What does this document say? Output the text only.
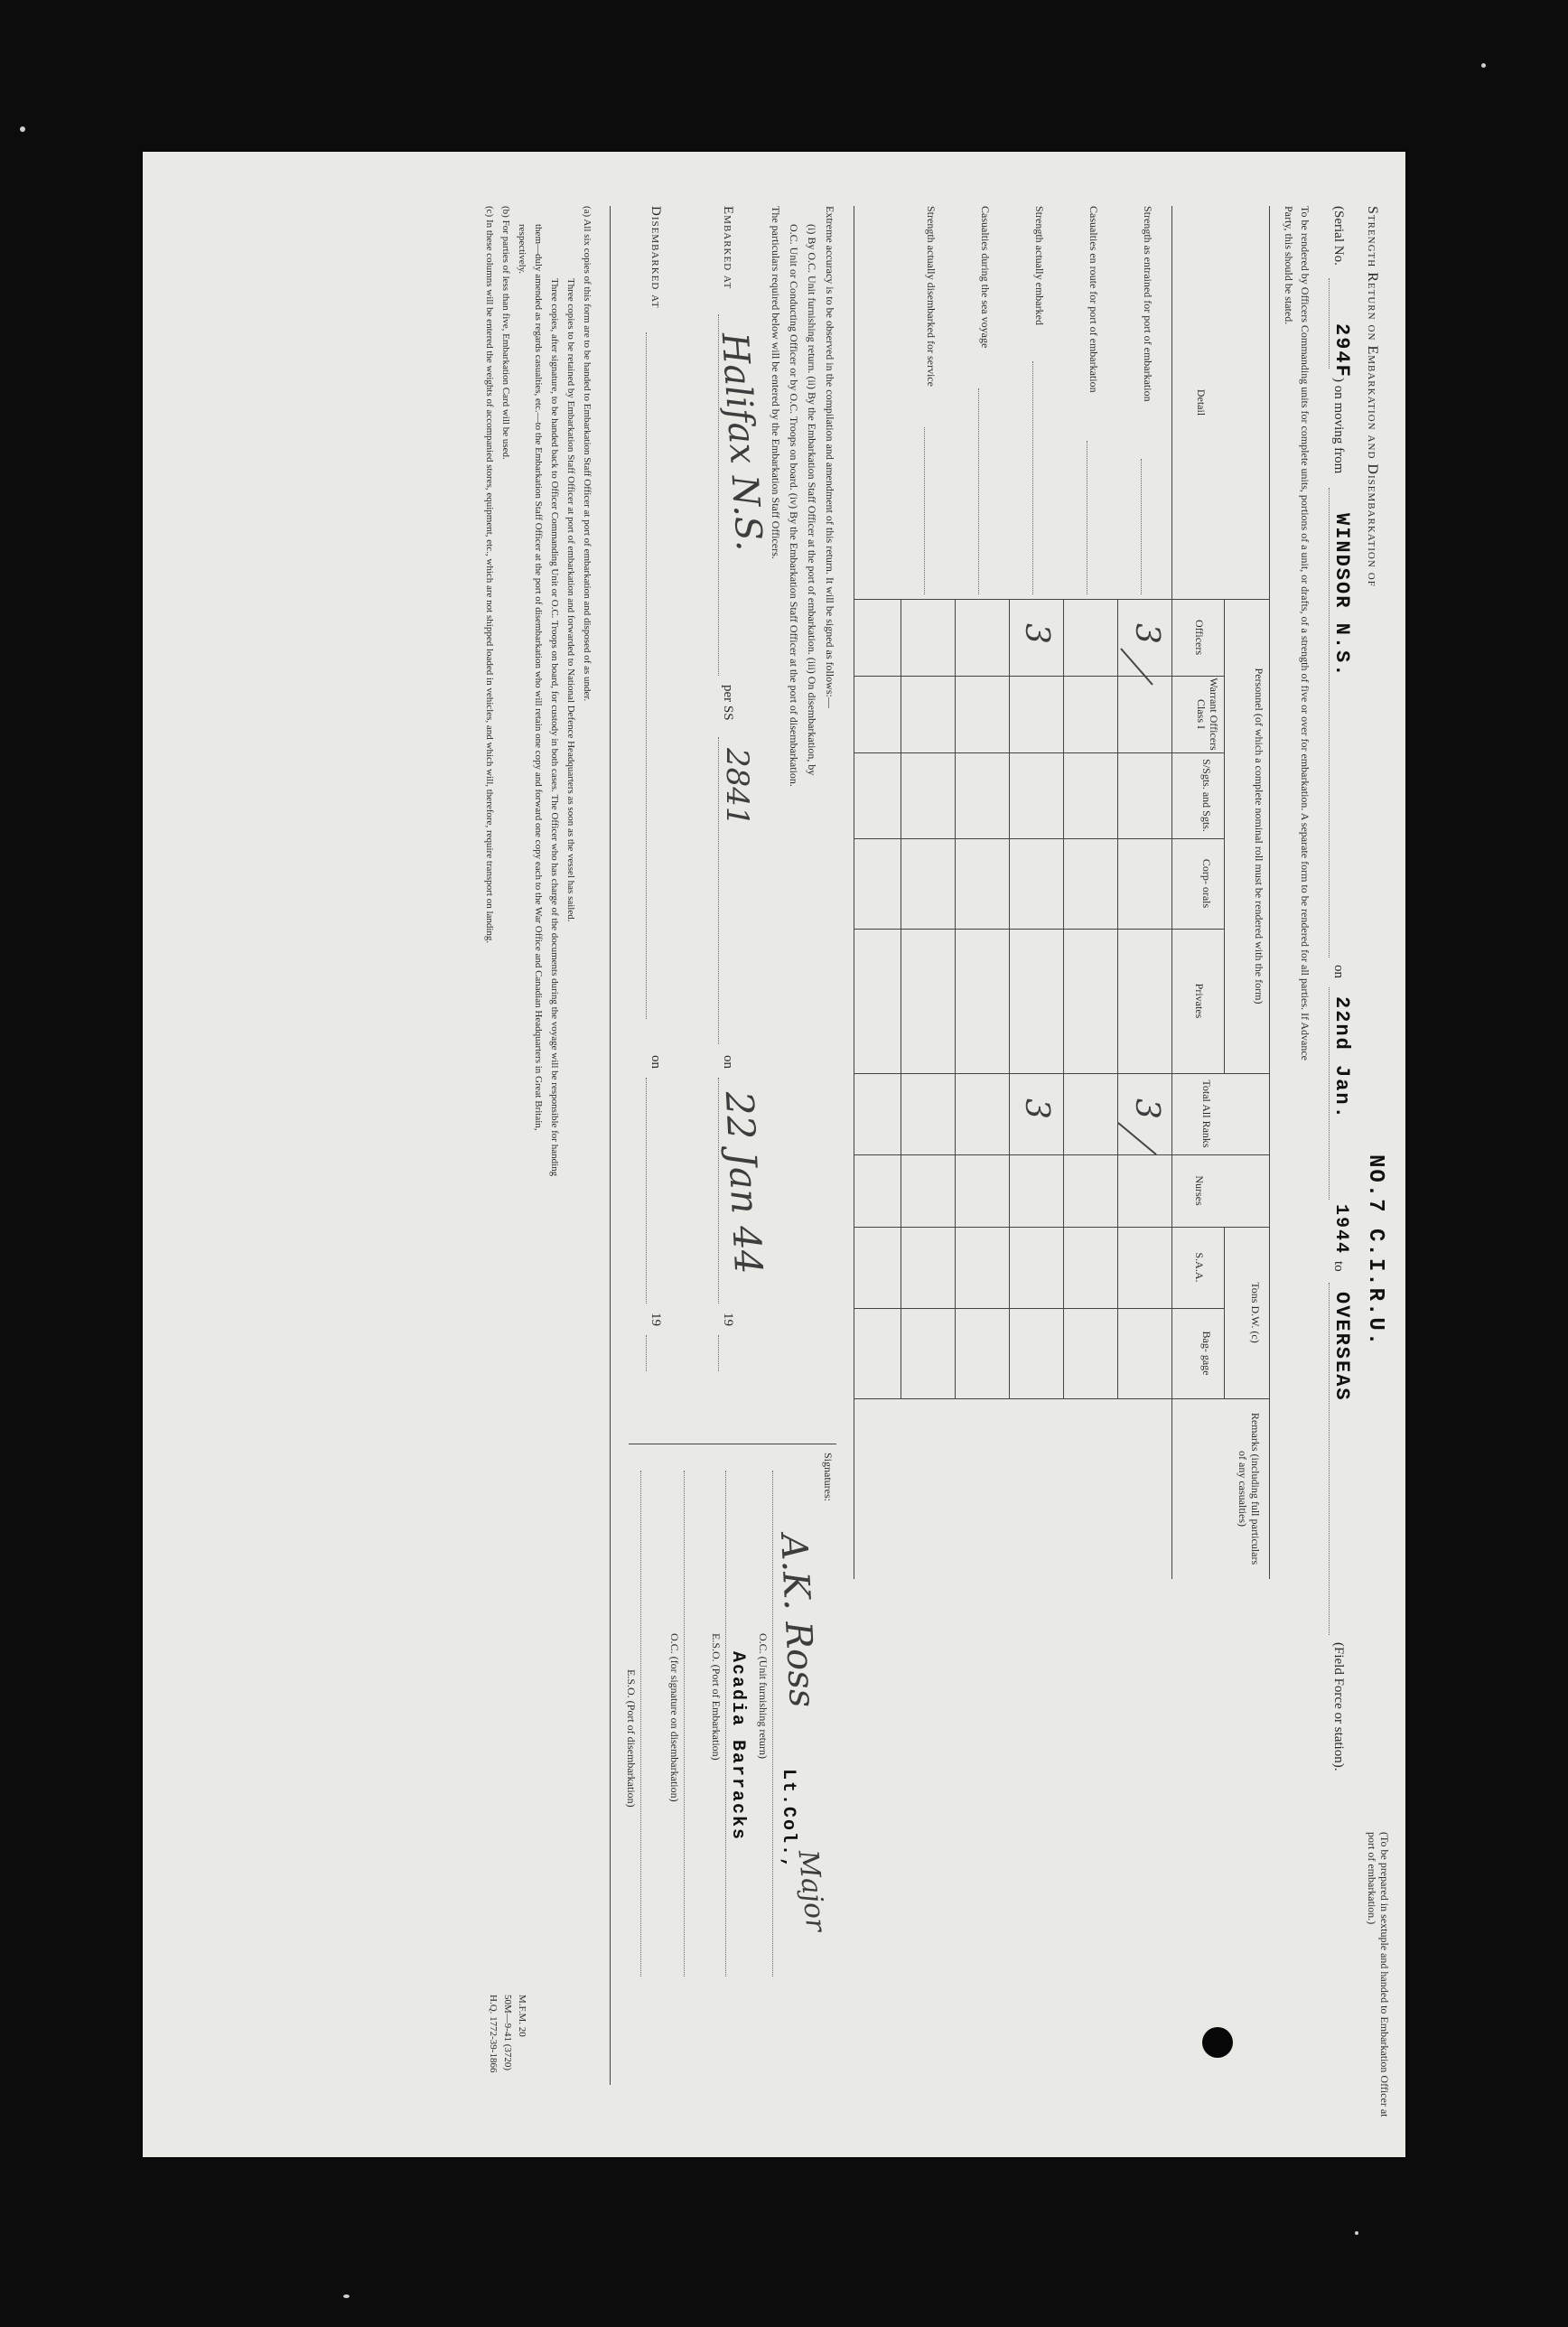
Strength Return on Embarkation and Disembarkation of
NO.7 C.I.R.U.
(To be prepared in sextuple and handed to Embarkation Officer at port of embarkation.)
(Serial No.
294F
) on moving from
WINDSOR N.S.
on
22nd Jan.
1944
to
OVERSEAS
(Field Force or station).
To be rendered by Officers Commanding units for complete units, portions of a unit, or drafts, of a strength of five or over for embarkation. A separate form to be rendered for all parties. If Advance
Party, this should be stated.
Personnel (of which a complete nominal roll must be rendered with the form)
Tons D.W. (c)
Remarks (including full particulars of any casualties)
Detail
Officers
Warrant Officers Class I
S/Sgts. and Sgts.
Corp- orals
Privates
Total All Ranks
Nurses
S.A.A.
Bag- gage
Strength as entrained for port of embarkation
Casualties en route for port of embarkation
Strength actually embarked
Casualties during the sea voyage
Strength actually disembarked for service
3
3
3
3
Extreme accuracy is to be observed in the compilation and amendment of this return. It will be signed as follows:—
(i) By O.C. Unit furnishing return. (ii) By the Embarkation Staff Officer at the port of embarkation. (iii) On disembarkation, by
O.C. Unit or Conducting Officer or by O.C. Troops on board. (iv) By the Embarkation Staff Officer at the port of disembarkation.
The particulars required below will be entered by the Embarkation Staff Officers.
Embarked at
Halifax N.S.
per SS
2841
on
22 Jan 44
19
Disembarked at
on
19
Signatures:
A.K. Ross
Lt.Col.,
O.C. (Unit furnishing return)
Major
Acadia Barracks
E.S.O. (Port of Embarkation)
O.C. (for signature on disembarkation)
E.S.O. (Port of disembarkation)
(a) All six copies of this form are to be handed to Embarkation Staff Officer at port of embarkation and disposed of as under.
Three copies to be retained by Embarkation Staff Officer at port of embarkation and forwarded to National Defence Headquarters as soon as the vessel has sailed.
Three copies, after signature, to be handed back to Officer Commanding Unit or O.C. Troops on board, for custody in both cases. The Officer who has charge of the documents during the voyage will be responsible for handing
them—duly amended as regards casualties, etc.—to the Embarkation Staff Officer at the port of disembarkation who will retain one copy and forward one copy each to the War Office and Canadian Headquarters in Great Britain,
respectively.
(b) For parties of less than five, Embarkation Card will be used.
(c) In these columns will be entered the weights of accompanied stores, equipment, etc., which are not shipped loaded in vehicles, and which will, therefore, require transport on landing.
M.F.M. 20
50M—9-41 (3720)
H.Q. 1772-39-1866
